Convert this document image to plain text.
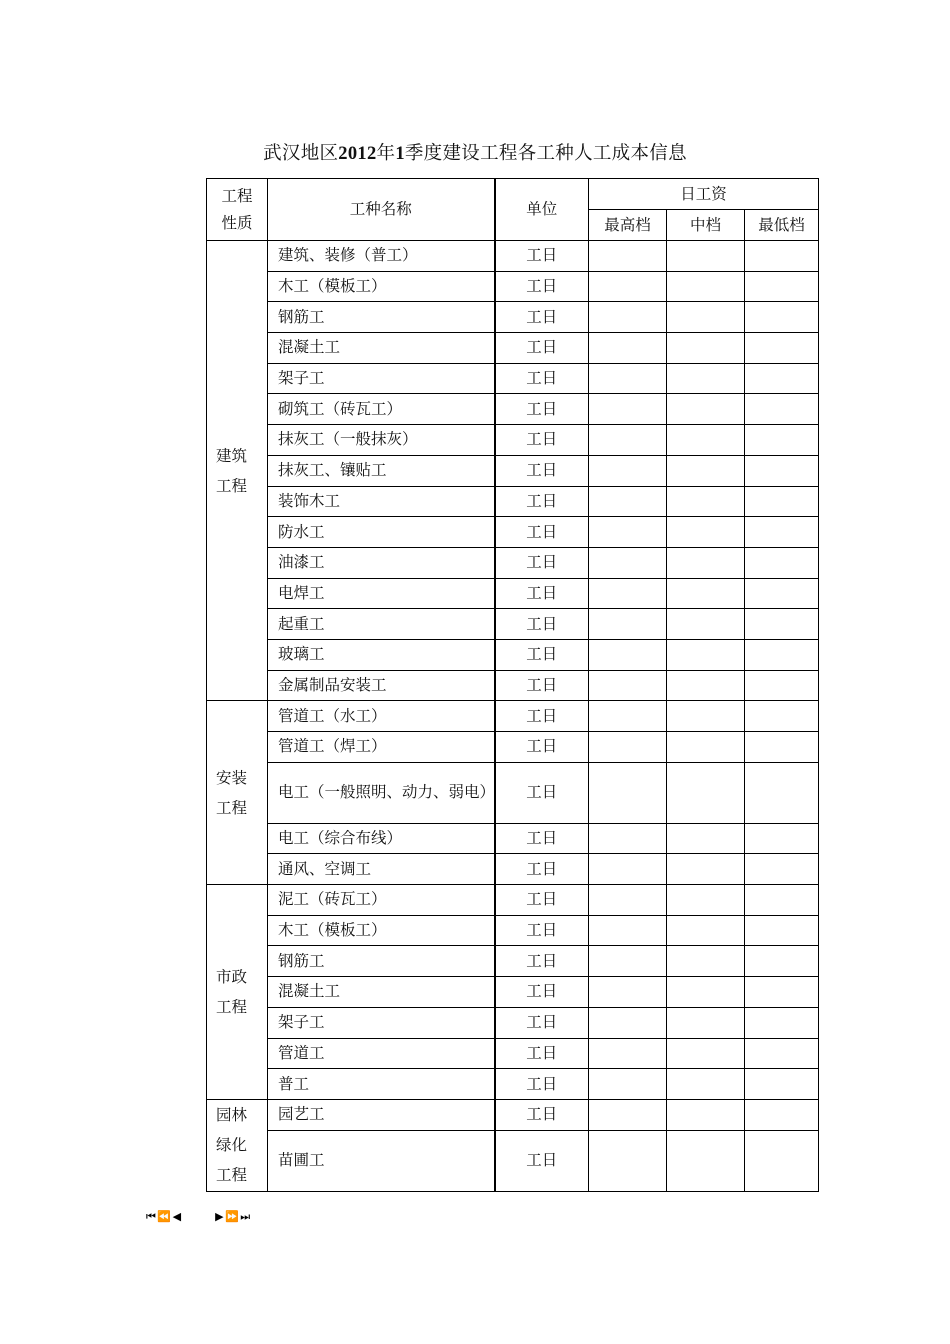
武汉地区2012年1季度建设工程各工种人工成本信息
工程
性质	工种名称	单位	日工资		
			最高档	中档	最低档
建筑
工程	建筑、装修（普工）	工日			
	木工（模板工）	工日			
	钢筋工	工日			
	混凝土工	工日			
	架子工	工日			
	砌筑工（砖瓦工）	工日			
	抹灰工（一般抹灰）	工日			
	抹灰工、镶贴工	工日			
	装饰木工	工日			
	防水工	工日			
	油漆工	工日			
	电焊工	工日			
	起重工	工日			
	玻璃工	工日			
	金属制品安装工	工日			
安装
工程	管道工（水工）	工日			
	管道工（焊工）	工日			
	电工（一般照明、动力、弱电）	工日			
	电工（综合布线）	工日			
	通风、空调工	工日			
市政
工程	泥工（砖瓦工）	工日			
	木工（模板工）	工日			
	钢筋工	工日			
	混凝土工	工日			
	架子工	工日			
	管道工	工日			
	普工	工日			
园林
绿化
工程	园艺工	工日			
	苗圃工	工日			
⏮ ⏪ ◀	▶ ⏩ ⏭
